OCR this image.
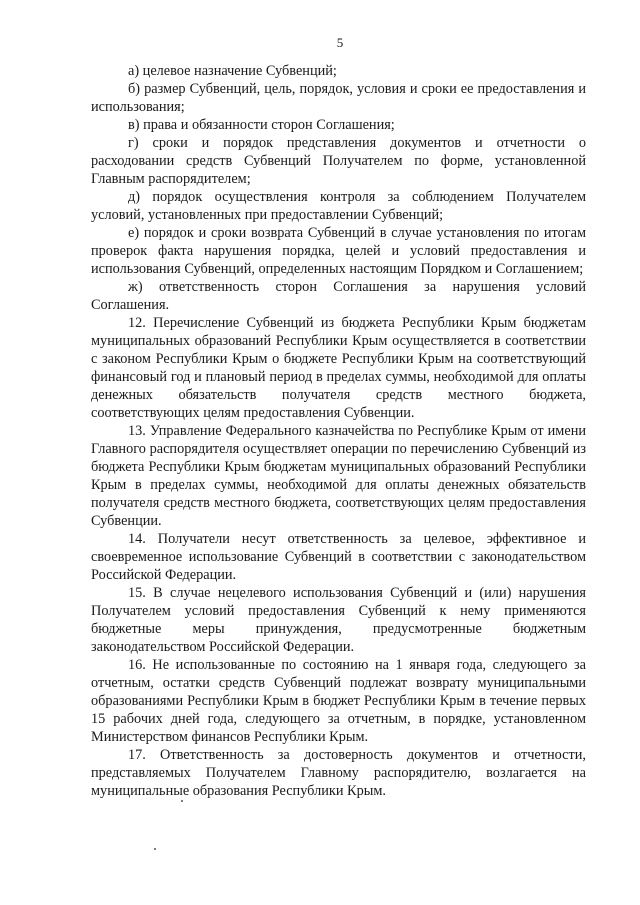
5

а) целевое назначение Субвенций;

б) размер Субвенций, цель, порядок, условия и сроки ее предоставления и использования;

в) права и обязанности сторон Соглашения;

г) сроки и порядок представления документов и отчетности о расходовании средств Субвенций Получателем по форме, установленной Главным распорядителем;

д) порядок осуществления контроля за соблюдением Получателем условий, установленных при предоставлении Субвенций;

е) порядок и сроки возврата Субвенций в случае установления по итогам проверок факта нарушения порядка, целей и условий предоставления и использования Субвенций, определенных настоящим Порядком и Соглашением;

ж) ответственность сторон Соглашения за нарушения условий Соглашения.

12. Перечисление Субвенций из бюджета Республики Крым бюджетам муниципальных образований Республики Крым осуществляется в соответствии с законом Республики Крым о бюджете Республики Крым на соответствующий финансовый год и плановый период в пределах суммы, необходимой для оплаты денежных обязательств получателя средств местного бюджета, соответствующих целям предоставления Субвенции.

13. Управление Федерального казначейства по Республике Крым от имени Главного распорядителя осуществляет операции по перечислению Субвенций из бюджета Республики Крым бюджетам муниципальных образований Республики Крым в пределах суммы, необходимой для оплаты денежных обязательств получателя средств местного бюджета, соответствующих целям предоставления Субвенции.

14. Получатели несут ответственность за целевое, эффективное и своевременное использование Субвенций в соответствии с законодательством Российской Федерации.

15. В случае нецелевого использования Субвенций и (или) нарушения Получателем условий предоставления Субвенций к нему применяются бюджетные меры принуждения, предусмотренные бюджетным законодательством Российской Федерации.

16. Не использованные по состоянию на 1 января года, следующего за отчетным, остатки средств Субвенций подлежат возврату муниципальными образованиями Республики Крым в бюджет Республики Крым в течение первых 15 рабочих дней года, следующего за отчетным, в порядке, установленном Министерством финансов Республики Крым.

17. Ответственность за достоверность документов и отчетности, представляемых Получателем Главному распорядителю, возлагается на муниципальные образования Республики Крым.
